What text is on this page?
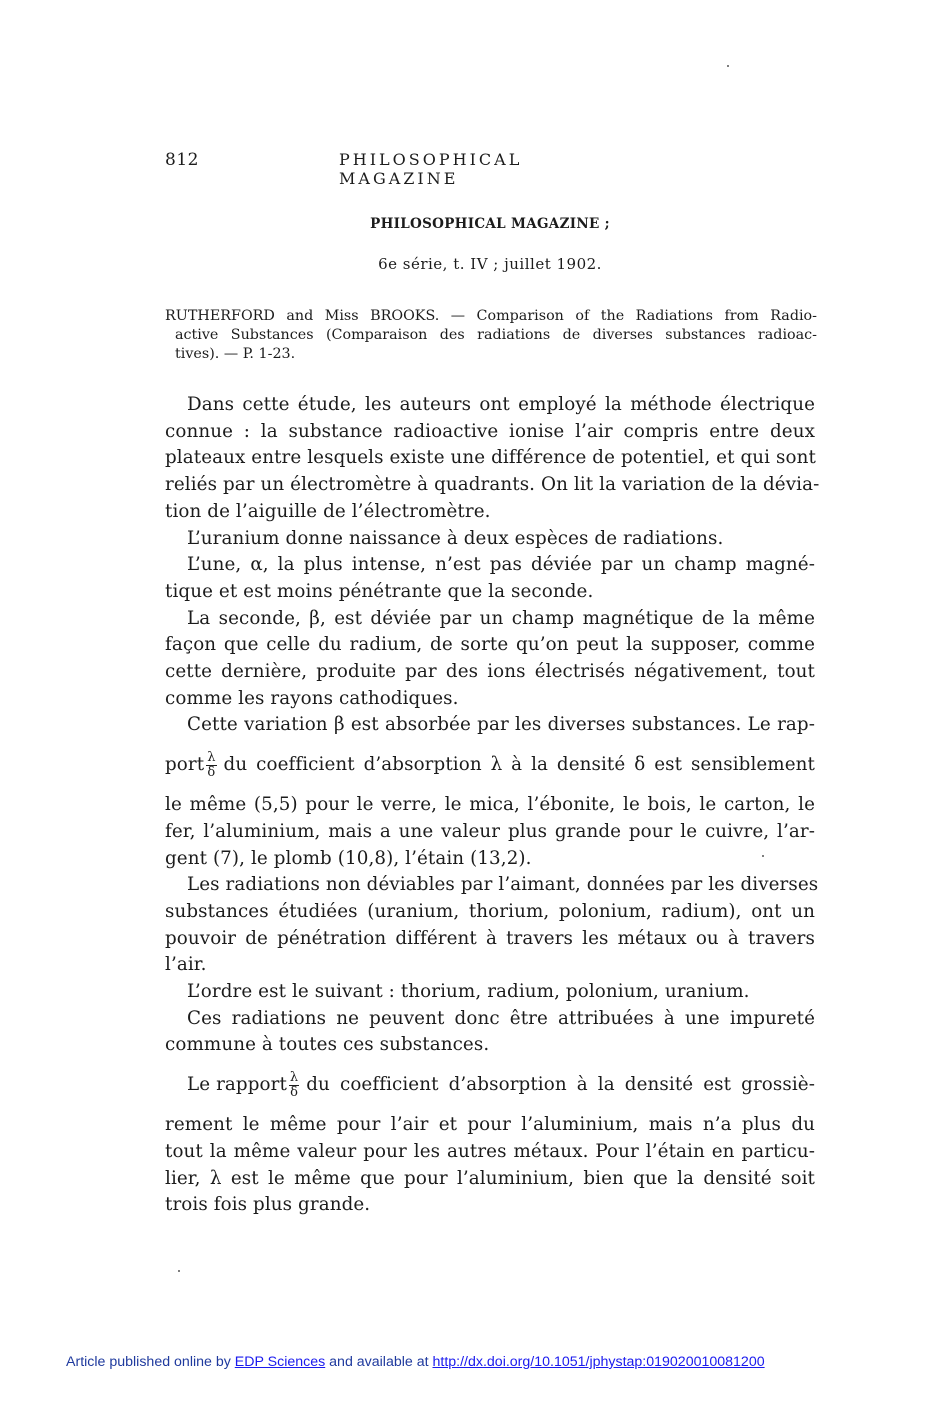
812	PHILOSOPHICAL MAGAZINE
PHILOSOPHICAL MAGAZINE ;
6e série, t. IV ; juillet 1902.
RUTHERFORD and Miss BROOKS. — Comparison of the Radiations from Radio-
active Substances (Comparaison des radiations de diverses substances radioac-
tives). — P. 1-23.
Dans cette étude, les auteurs ont employé la méthode électrique
connue : la substance radioactive ionise l’air compris entre deux
plateaux entre lesquels existe une différence de potentiel, et qui sont
reliés par un électromètre à quadrants. On lit la variation de la dévia-
tion de l’aiguille de l’électromètre.
L’uranium donne naissance à deux espèces de radiations.
L’une, α, la plus intense, n’est pas déviée par un champ magné-
tique et est moins pénétrante que la seconde.
La seconde, β, est déviée par un champ magnétique de la même
façon que celle du radium, de sorte qu’on peut la supposer, comme
cette dernière, produite par des ions électrisés négativement, tout
comme les rayons cathodiques.
Cette variation β est absorbée par les diverses substances. Le rap-
port $\frac{\lambda}{\delta}$ du coefficient d’absorption λ à la densité δ est sensiblement
le même (5,5) pour le verre, le mica, l’ébonite, le bois, le carton, le
fer, l’aluminium, mais a une valeur plus grande pour le cuivre, l’ar-
gent (7), le plomb (10,8), l’étain (13,2).
Les radiations non déviables par l’aimant, données par les diverses
substances étudiées (uranium, thorium, polonium, radium), ont un
pouvoir de pénétration différent à travers les métaux ou à travers
l’air.
L’ordre est le suivant : thorium, radium, polonium, uranium.
Ces radiations ne peuvent donc être attribuées à une impureté
commune à toutes ces substances.
Le rapport $\frac{\lambda}{\delta}$ du coefficient d’absorption à la densité est grossiè-
rement le même pour l’air et pour l’aluminium, mais n’a plus du
tout la même valeur pour les autres métaux. Pour l’étain en particu-
lier, λ est le même que pour l’aluminium, bien que la densité soit
trois fois plus grande.
Article published online by EDP Sciences and available at http://dx.doi.org/10.1051/jphystap:019020010081200
